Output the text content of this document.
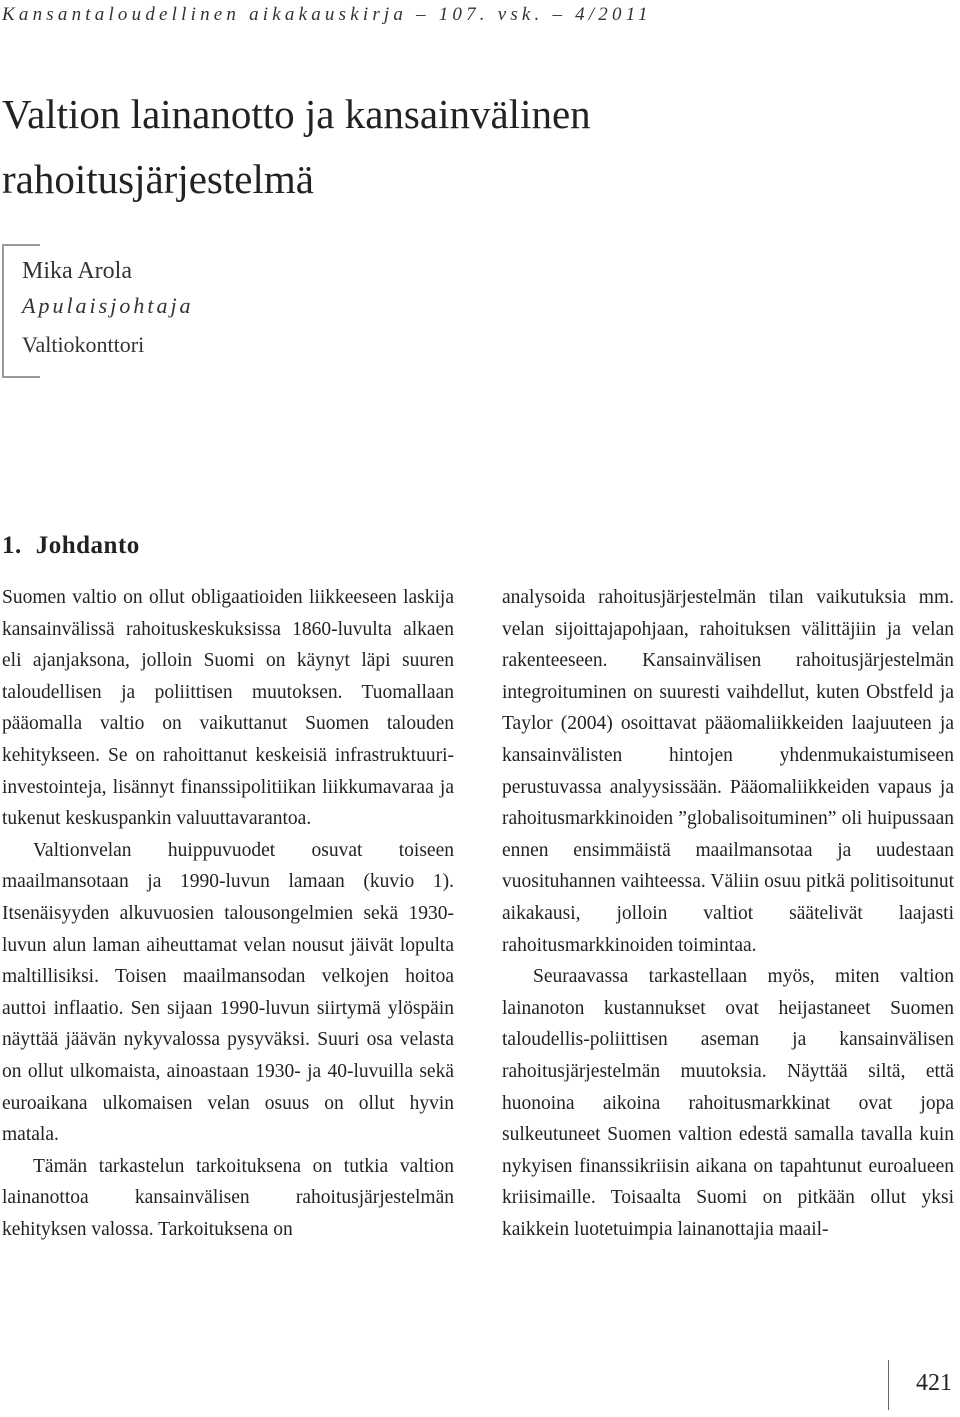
Kansantaloudellinen aikakauskirja – 107. vsk. – 4/2011
Valtion lainanotto ja kansainvälinen
rahoitusjärjestelmä
Mika Arola
Apulaisjohtaja
Valtiokonttori
1. Johdanto

Suomen valtio on ollut obligaatioiden liikkeeseen laskija kansainvälissä rahoituskeskuksissa 1860-luvulta alkaen eli ajanjaksona, jolloin Suomi on käynyt läpi suuren taloudellisen ja poliittisen muutoksen. Tuomallaan pääomalla valtio on vaikuttanut Suomen talouden kehitykseen. Se on rahoittanut keskeisiä infrastruktuuri-investointeja, lisännyt finanssipolitiikan liikkumavaraa ja tukenut keskuspankin valuuttavarantoa.

Valtionvelan huippuvuodet osuvat toiseen maailmansotaan ja 1990-luvun lamaan (kuvio 1). Itsenäisyyden alkuvuosien talousongelmien sekä 1930-luvun alun laman aiheuttamat velan nousut jäivät lopulta maltillisiksi. Toisen maailmansodan velkojen hoitoa auttoi inflaatio. Sen sijaan 1990-luvun siirtymä ylöspäin näyttää jäävän nykyvalossa pysyväksi. Suuri osa velasta on ollut ulkomaista, ainoastaan 1930- ja 40-luvuilla sekä euroaikana ulkomaisen velan osuus on ollut hyvin matala.

Tämän tarkastelun tarkoituksena on tutkia valtion lainanottoa kansainvälisen rahoitusjärjestelmän kehityksen valossa. Tarkoituksena on

analysoida rahoitusjärjestelmän tilan vaikutuksia mm. velan sijoittajapohjaan, rahoituksen välittäjiin ja velan rakenteeseen. Kansainvälisen rahoitusjärjestelmän integroituminen on suuresti vaihdellut, kuten Obstfeld ja Taylor (2004) osoittavat pääomaliikkeiden laajuuteen ja kansainvälisten hintojen yhdenmukaistumiseen perustuvassa analyysissään. Pääomaliikkeiden vapaus ja rahoitusmarkkinoiden ”globalisoituminen” oli huipussaan ennen ensimmäistä maailmansotaa ja uudestaan vuosituhannen vaihteessa. Väliin osuu pitkä politisoitunut aikakausi, jolloin valtiot säätelivät laajasti rahoitusmarkkinoiden toimintaa.

Seuraavassa tarkastellaan myös, miten valtion lainanoton kustannukset ovat heijastaneet Suomen taloudellis-poliittisen aseman ja kansainvälisen rahoitusjärjestelmän muutoksia. Näyttää siltä, että huonoina aikoina rahoitusmarkkinat ovat jopa sulkeutuneet Suomen valtion edestä samalla tavalla kuin nykyisen finanssikriisin aikana on tapahtunut euroalueen kriisimaille. Toisaalta Suomi on pitkään ollut yksi kaikkein luotetuimpia lainanottajia maail-

421
